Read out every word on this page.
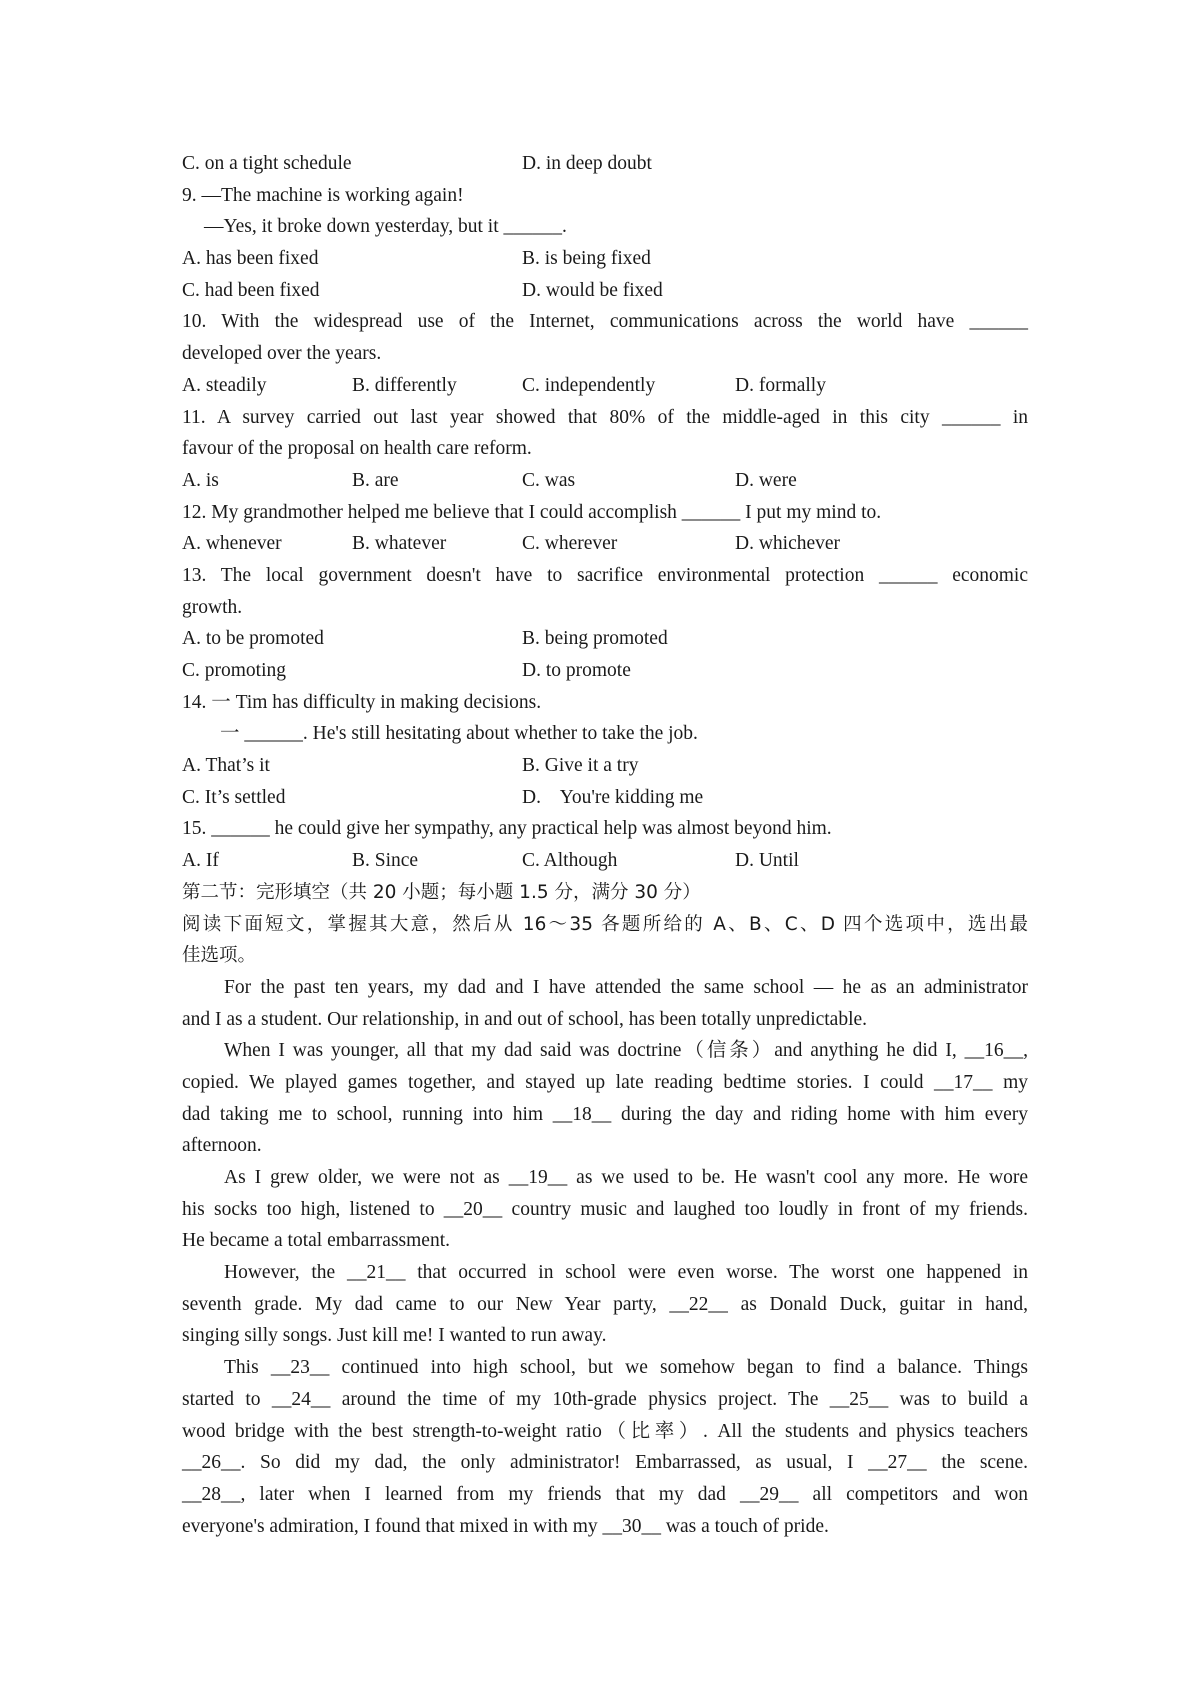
C. on a tight schedule	D. in deep doubt
9. —The machine is working again!
—Yes, it broke down yesterday, but it ______.
A. has been fixed	B. is being fixed
C. had been fixed	D. would be fixed
10. With the widespread use of the Internet, communications across the world have ______
developed over the years.
A. steadily	B. differently	C. independently	D. formally
11. A survey carried out last year showed that 80% of the middle-aged in this city ______ in
favour of the proposal on health care reform.
A. is	B. are	C. was	D. were
12. My grandmother helped me believe that I could accomplish ______ I put my mind to.
A. whenever	B. whatever	C. wherever	D. whichever
13. The local government doesn't have to sacrifice environmental protection ______ economic
growth.
A. to be promoted	B. being promoted
C. promoting	D. to promote
14. 一 Tim has difficulty in making decisions.
一 ______. He's still hesitating about whether to take the job.
A. That’s it	B. Give it a try
C. It’s settled	D.    You're kidding me
15. ______ he could give her sympathy, any practical help was almost beyond him.
A. If	B. Since	C. Although	D. Until
第二节：完形填空（共 20 小题；每小题 1.5 分，满分 30 分）
阅读下面短文，掌握其大意，然后从 16～35 各题所给的 A、B、C、D 四个选项中，选出最
佳选项。
For the past ten years, my dad and I have attended the same school — he as an administrator
and I as a student. Our relationship, in and out of school, has been totally unpredictable.
When I was younger, all that my dad said was doctrine（信条）and anything he did I, __16__,
copied. We played games together, and stayed up late reading bedtime stories. I could __17__ my
dad taking me to school, running into him __18__ during the day and riding home with him every
afternoon.
As I grew older, we were not as __19__ as we used to be. He wasn't cool any more. He wore
his socks too high, listened to __20__ country music and laughed too loudly in front of my friends.
He became a total embarrassment.
However, the __21__ that occurred in school were even worse. The worst one happened in
seventh grade. My dad came to our New Year party, __22__ as Donald Duck, guitar in hand,
singing silly songs. Just kill me! I wanted to run away.
This __23__ continued into high school, but we somehow began to find a balance. Things
started to __24__ around the time of my 10th-grade physics project. The __25__ was to build a
wood bridge with the best strength-to-weight ratio（比率）. All the students and physics teachers
__26__. So did my dad, the only administrator! Embarrassed, as usual, I __27__ the scene.
__28__, later when I learned from my friends that my dad __29__ all competitors and won
everyone's admiration, I found that mixed in with my __30__ was a touch of pride.
